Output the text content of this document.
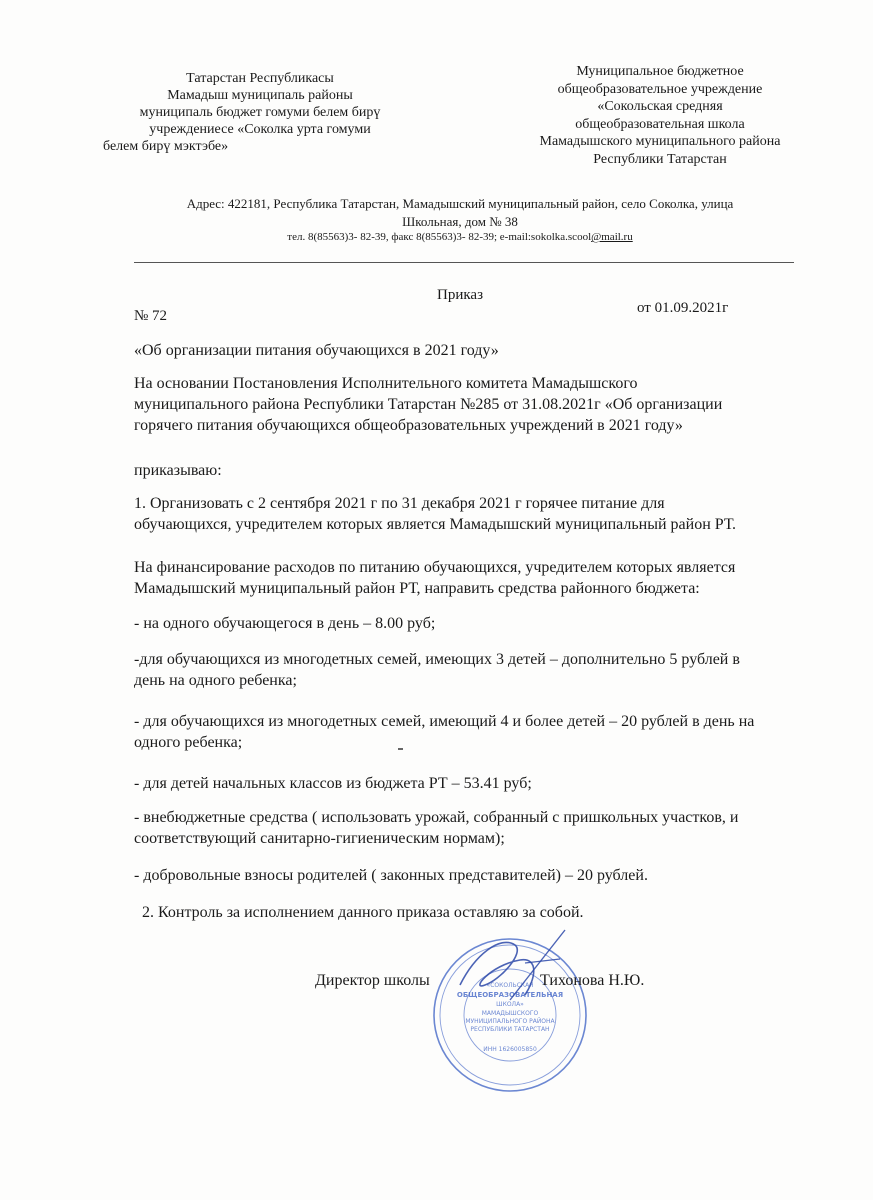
Татарстан Республикасы
Мамадыш муниципаль районы
муниципаль бюджет гомуми белем бирү
учреждениесе «Соколка урта гомуми
белем бирү мэктэбе»
Муниципальное бюджетное
общеобразовательное учреждение
«Сокольская средняя
общеобразовательная школа
Мамадышского муниципального района
Республики Татарстан
Адрес: 422181, Республика Татарстан, Мамадышский муниципальный район, село Соколка, улица
Школьная, дом № 38
тел. 8(85563)3- 82-39, факс 8(85563)3- 82-39; e-mail:sokolka.scool@mail.ru
Приказ
№ 72	от 01.09.2021г
«Об организации питания обучающихся в 2021 году»
На основании Постановления Исполнительного комитета Мамадышского
муниципального района Республики Татарстан №285 от 31.08.2021г «Об организации
горячего питания обучающихся общеобразовательных учреждений в 2021 году»
приказываю:
1. Организовать с 2 сентября 2021 г по 31 декабря 2021 г горячее питание для
обучающихся, учредителем которых является Мамадышский муниципальный район РТ.
На финансирование расходов по питанию обучающихся, учредителем которых является
Мамадышский муниципальный район РТ, направить средства районного бюджета:
- на одного обучающегося в день – 8.00 руб;
-для обучающихся из многодетных семей, имеющих 3 детей – дополнительно 5 рублей в
день на одного ребенка;
- для обучающихся из многодетных семей, имеющий 4 и более детей – 20 рублей в день на
одного ребенка;
- для детей начальных классов из бюджета РТ – 53.41 руб;
- внебюджетные средства ( использовать урожай, собранный с пришкольных участков, и
соответствующий санитарно-гигиеническим нормам);
- добровольные взносы родителей ( законных представителей) – 20 рублей.
2. Контроль за исполнением данного приказа оставляю за собой.
«СОКОЛЬСКАЯ
ОБЩЕОБРАЗОВАТЕЛЬНАЯ
ШКОЛА»
МАМАДЫШСКОГО
МУНИЦИПАЛЬНОГО РАЙОНА
РЕСПУБЛИКИ ТАТАРСТАН
ИНН 1626005850
Директор школы	Тихонова Н.Ю.
